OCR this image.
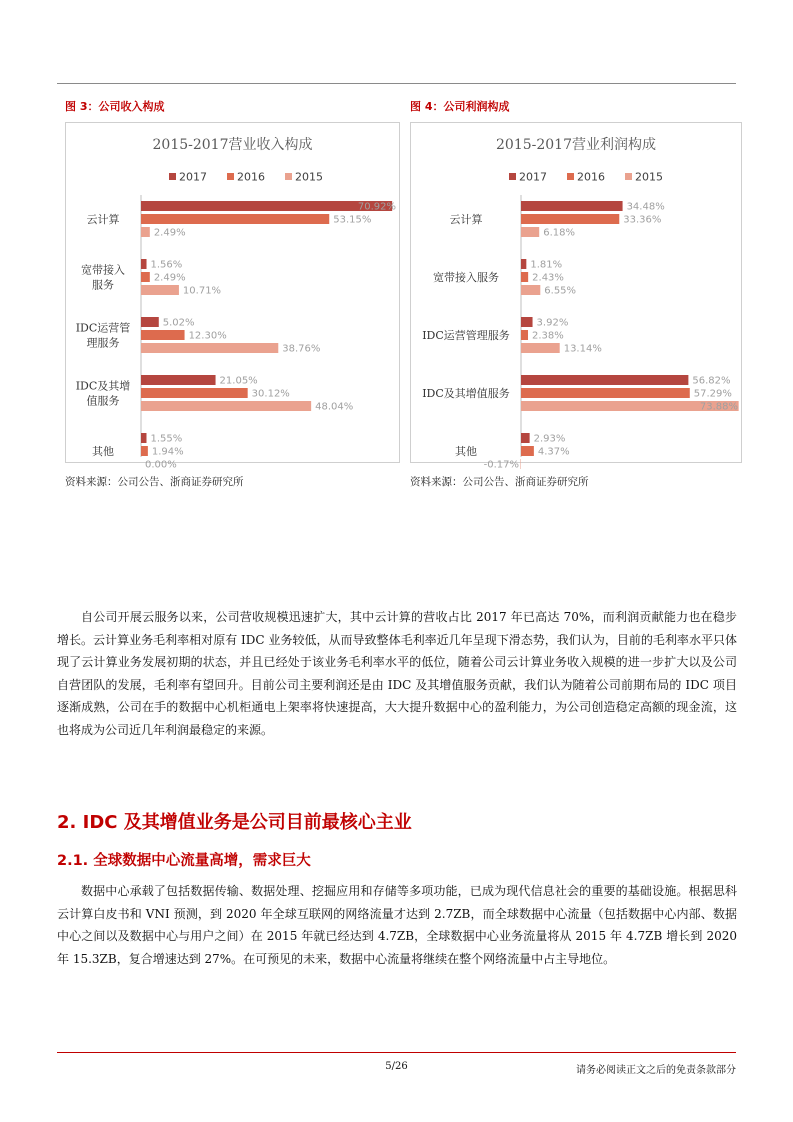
图 3：公司收入构成	图 4：公司利润构成
2015-2017营业收入构成
2017	2016	2015
云计算
70.92%
53.15%
2.49%
宽带接入
服务
1.56%
2.49%
10.71%
IDC运营管
理服务
5.02%
12.30%
38.76%
IDC及其增
值服务
21.05%
30.12%
48.04%
其他
1.55%
1.94%
0.00%
2015-2017营业利润构成
2017	2016	2015
云计算
34.48%
33.36%
6.18%
宽带接入服务
1.81%
2.43%
6.55%
IDC运营管理服务
3.92%
2.38%
13.14%
IDC及其增值服务
56.82%
57.29%
73.88%
其他
2.93%
4.37%
-0.17%
资料来源：公司公告、浙商证券研究所	资料来源：公司公告、浙商证券研究所

自公司开展云服务以来，公司营收规模迅速扩大，其中云计算的营收占比 2017 年已高达 70%，而利润贡献能力也在稳步增长。云计算业务毛利率相对原有 IDC 业务较低，从而导致整体毛利率近几年呈现下滑态势，我们认为，目前的毛利率水平只体现了云计算业务发展初期的状态，并且已经处于该业务毛利率水平的低位，随着公司云计算业务收入规模的进一步扩大以及公司自营团队的发展，毛利率有望回升。目前公司主要利润还是由 IDC 及其增值服务贡献，我们认为随着公司前期布局的 IDC 项目逐渐成熟，公司在手的数据中心机柜通电上架率将快速提高，大大提升数据中心的盈利能力，为公司创造稳定高额的现金流，这也将成为公司近几年利润最稳定的来源。

2. IDC 及其增值业务是公司目前最核心主业
2.1. 全球数据中心流量高增，需求巨大

数据中心承载了包括数据传输、数据处理、挖掘应用和存储等多项功能，已成为现代信息社会的重要的基础设施。根据思科云计算白皮书和 VNI 预测，到 2020 年全球互联网的网络流量才达到 2.7ZB，而全球数据中心流量（包括数据中心内部、数据中心之间以及数据中心与用户之间）在 2015 年就已经达到 4.7ZB，全球数据中心业务流量将从 2015 年 4.7ZB 增长到 2020 年 15.3ZB，复合增速达到 27%。在可预见的未来，数据中心流量将继续在整个网络流量中占主导地位。

5/26	请务必阅读正文之后的免责条款部分
